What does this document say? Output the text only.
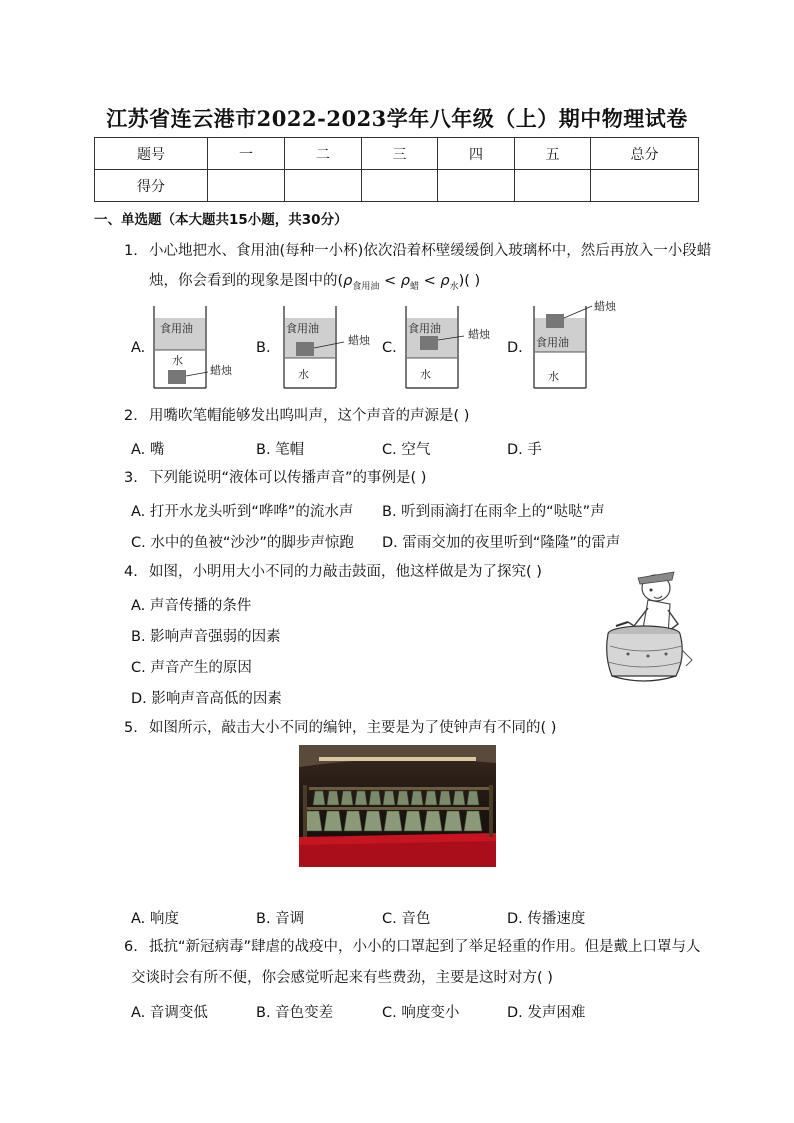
江苏省连云港市2022-2023学年八年级（上）期中物理试卷
题号	一	二	三	四	五	总分
得分						
一、单选题（本大题共15小题，共30分）
1. 小心地把水、食用油(每种一小杯)依次沿着杯壁缓缓倒入玻璃杯中，然后再放入一小段蜡
烛，你会看到的现象是图中的$(\rho_{食用油} < \rho_蜡 < \rho_水)$( )
A.	B.	C.	D.
食用油
水
蜡烛
食用油
水
蜡烛
食用油
水
蜡烛
食用油
水
蜡烛
2. 用嘴吹笔帽能够发出呜叫声，这个声音的声源是( )
A. 嘴	B. 笔帽	C. 空气	D. 手
3. 下列能说明“液体可以传播声音”的事例是( )
A. 打开水龙头听到“哗哗”的流水声 B. 听到雨滴打在雨伞上的“哒哒”声
C. 水中的鱼被“沙沙”的脚步声惊跑 D. 雷雨交加的夜里听到“隆隆”的雷声
4. 如图，小明用大小不同的力敲击鼓面，他这样做是为了探究( )
A. 声音传播的条件
B. 影响声音强弱的因素
C. 声音产生的原因
D. 影响声音高低的因素
5. 如图所示，敲击大小不同的编钟，主要是为了使钟声有不同的( )
A. 响度	B. 音调	C. 音色	D. 传播速度
6. 抵抗“新冠病毒”肆虐的战疫中，小小的口罩起到了举足轻重的作用。但是戴上口罩与人
交谈时会有所不便，你会感觉听起来有些费劲，主要是这时对方( )
A. 音调变低	B. 音色变差	C. 响度变小	D. 发声困难
